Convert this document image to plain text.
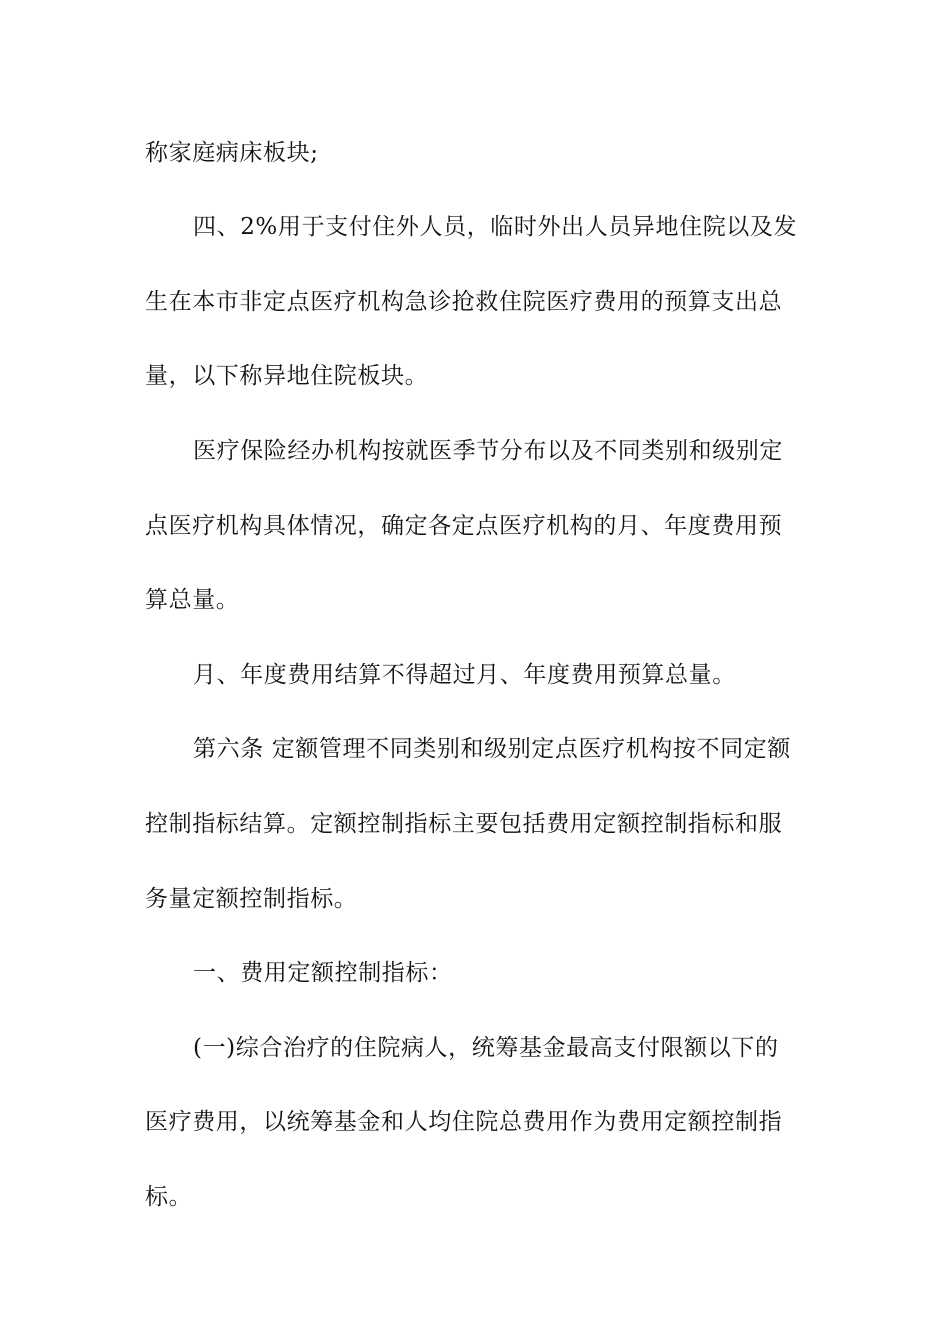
称家庭病床板块;
四、2%用于支付住外人员，临时外出人员异地住院以及发
生在本市非定点医疗机构急诊抢救住院医疗费用的预算支出总
量，以下称异地住院板块。
医疗保险经办机构按就医季节分布以及不同类别和级别定
点医疗机构具体情况，确定各定点医疗机构的月、年度费用预
算总量。
月、年度费用结算不得超过月、年度费用预算总量。
第六条 定额管理不同类别和级别定点医疗机构按不同定额
控制指标结算。定额控制指标主要包括费用定额控制指标和服
务量定额控制指标。
一、费用定额控制指标：
(一)综合治疗的住院病人，统筹基金最高支付限额以下的
医疗费用，以统筹基金和人均住院总费用作为费用定额控制指
标。
